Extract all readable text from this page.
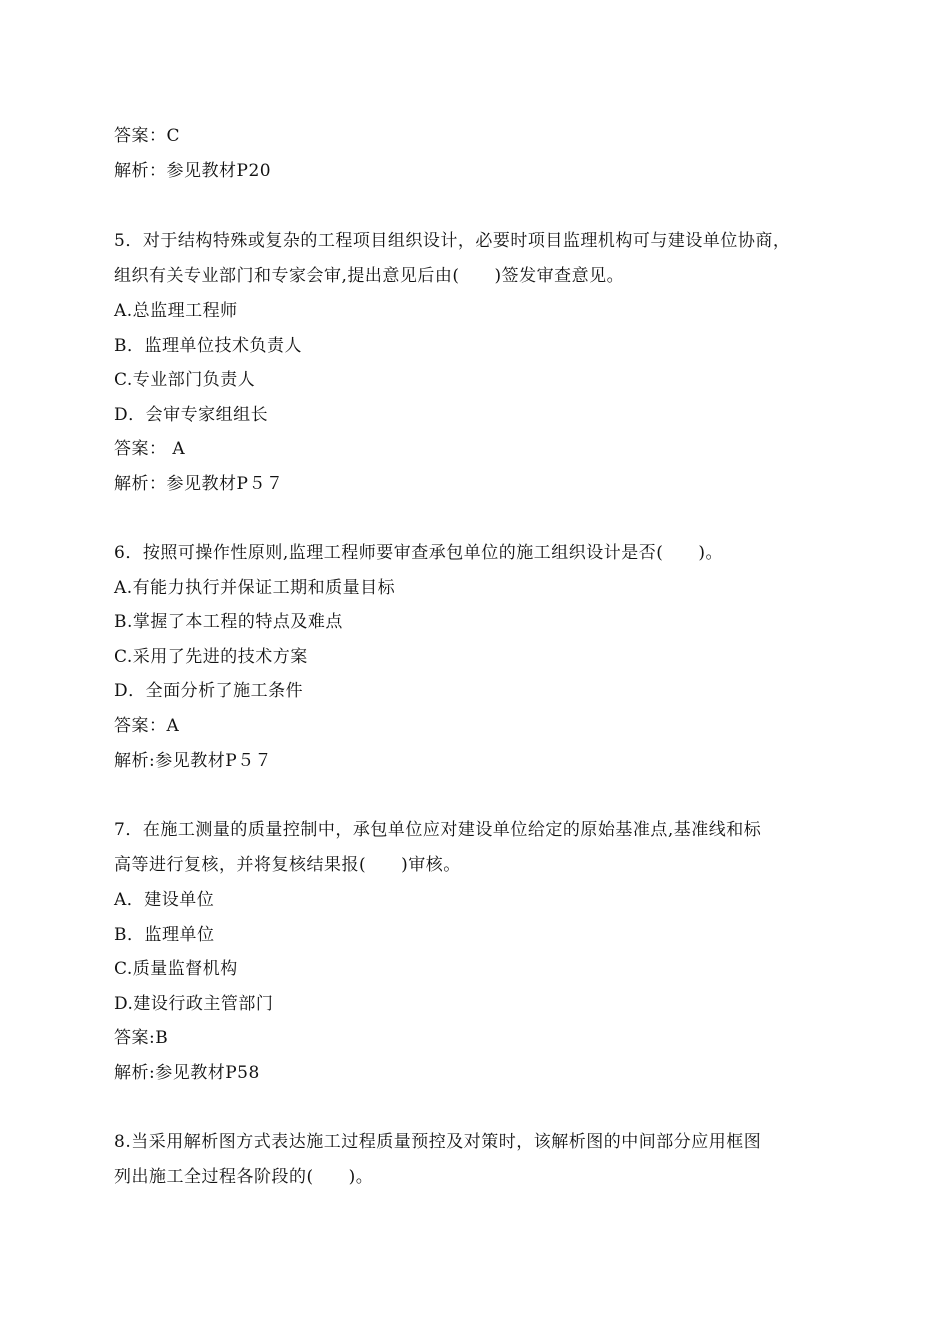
答案：C
解析：参见教材P20
5．对于结构特殊或复杂的工程项目组织设计，必要时项目监理机构可与建设单位协商，
组织有关专业部门和专家会审,提出意见后由(　　)签发审查意见。
A.总监理工程师
B．监理单位技术负责人
C.专业部门负责人
D．会审专家组组长
答案： A
解析：参见教材P５７
6．按照可操作性原则,监理工程师要审查承包单位的施工组织设计是否(　　)。
A.有能力执行并保证工期和质量目标
B.掌握了本工程的特点及难点
C.采用了先进的技术方案
D．全面分析了施工条件
答案：A
解析:参见教材P５７
7．在施工测量的质量控制中，承包单位应对建设单位给定的原始基准点,基准线和标
高等进行复核，并将复核结果报(　　)审核。
A．建设单位
B．监理单位
C.质量监督机构
D.建设行政主管部门
答案:B
解析:参见教材P58
8.当采用解析图方式表达施工过程质量预控及对策时，该解析图的中间部分应用框图
列出施工全过程各阶段的(　　)。
